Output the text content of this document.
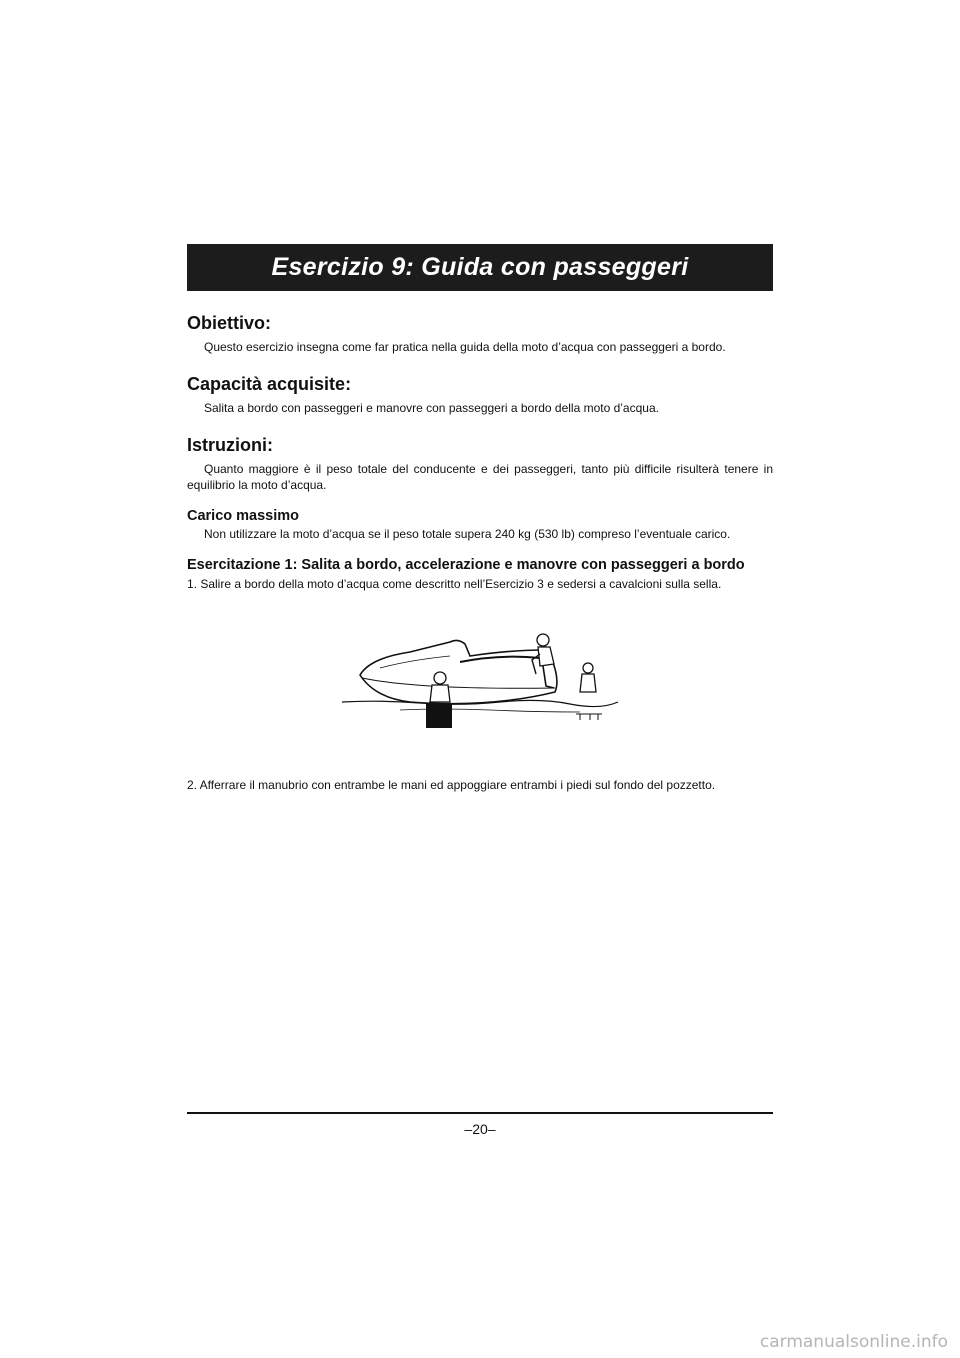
Esercizio 9: Guida con passeggeri
Obiettivo:

Questo esercizio insegna come far pratica nella guida della moto d’acqua con passeggeri a bordo.

Capacità acquisite:

Salita a bordo con passeggeri e manovre con passeggeri a bordo della moto d’acqua.

Istruzioni:

Quanto maggiore è il peso totale del conducente e dei passeggeri, tanto più difficile risulterà tenere in equilibrio la moto d’acqua.

Carico massimo

Non utilizzare la moto d’acqua se il peso totale supera 240 kg (530 lb) compreso l’eventuale carico.

Esercitazione 1: Salita a bordo, accelerazione e manovre con passeggeri a bordo

1. Salire a bordo della moto d’acqua come descritto nell’Esercizio 3 e sedersi a cavalcioni sulla sella.

2. Afferrare il manubrio con entrambe le mani ed appoggiare entrambi i piedi sul fondo del pozzetto.

–20–
carmanualsonline.info
